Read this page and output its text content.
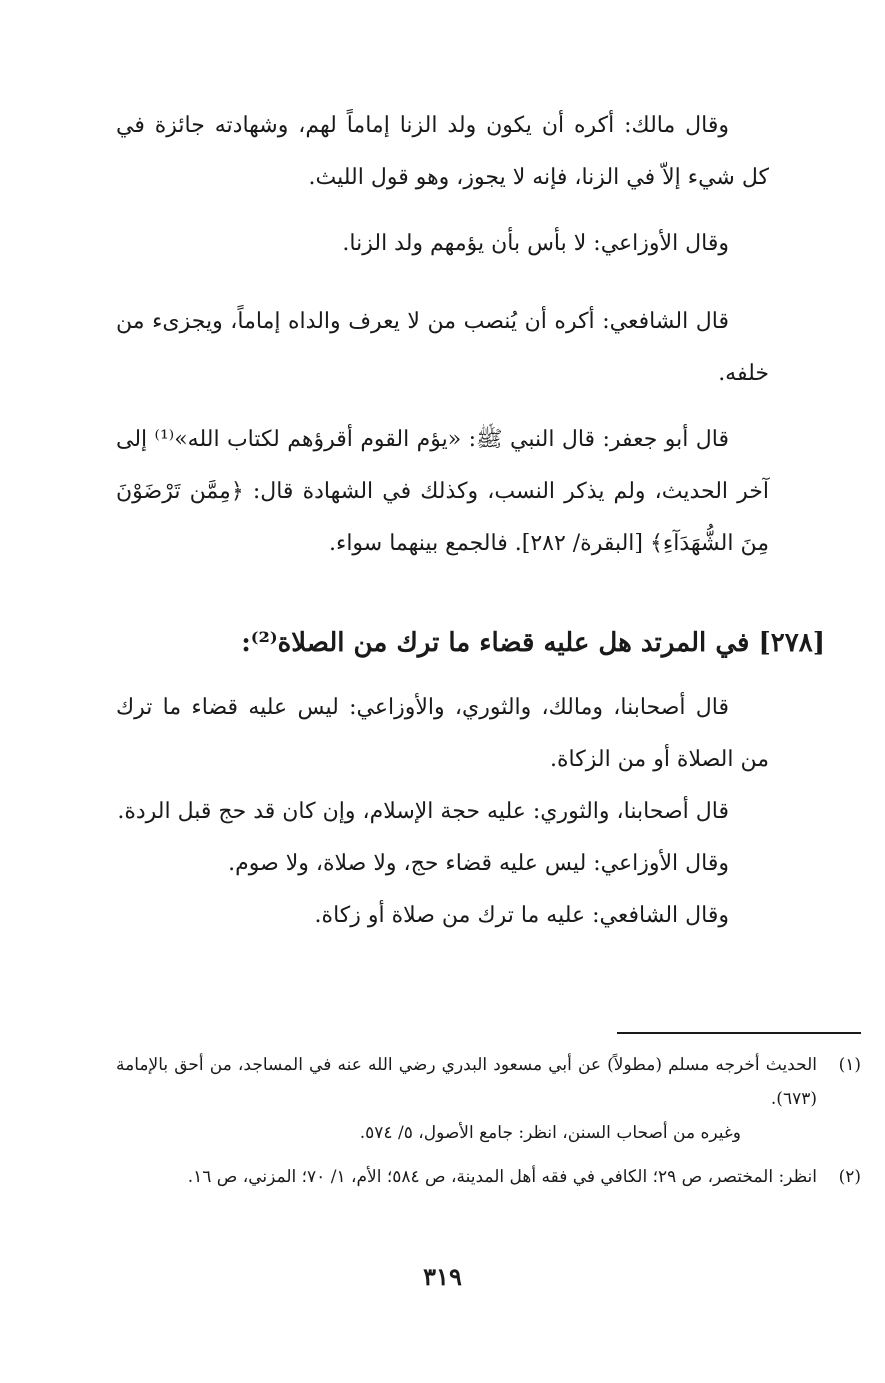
وقال مالك: أكره أن يكون ولد الزنا إماماً لهم، وشهادته جائزة في كل شيء إلاّ في الزنا، فإنه لا يجوز، وهو قول الليث.
وقال الأوزاعي: لا بأس بأن يؤمهم ولد الزنا.
قال الشافعي: أكره أن يُنصب من لا يعرف والداه إماماً، ويجزىء من خلفه.
قال أبو جعفر: قال النبي ﷺ: «يؤم القوم أقرؤهم لكتاب الله»⁽¹⁾ إلى آخر الحديث، ولم يذكر النسب، وكذلك في الشهادة قال: ﴿مِمَّن تَرْضَوْنَ مِنَ الشُّهَدَآءِ﴾ [البقرة/ ٢٨٢]. فالجمع بينهما سواء.
[٢٧٨] في المرتد هل عليه قضاء ما ترك من الصلاة⁽²⁾:
قال أصحابنا، ومالك، والثوري، والأوزاعي: ليس عليه قضاء ما ترك من الصلاة أو من الزكاة.
قال أصحابنا، والثوري: عليه حجة الإسلام، وإن كان قد حج قبل الردة.
وقال الأوزاعي: ليس عليه قضاء حج، ولا صلاة، ولا صوم.
وقال الشافعي: عليه ما ترك من صلاة أو زكاة.
(١)
الحديث أخرجه مسلم (مطولاً) عن أبي مسعود البدري رضي الله عنه في المساجد، من أحق بالإمامة (٦٧٣).
وغيره من أصحاب السنن، انظر: جامع الأصول، ٥/ ٥٧٤.
(٢)
انظر: المختصر، ص ٢٩؛ الكافي في فقه أهل المدينة، ص ٥٨٤؛ الأم، ١/ ٧٠؛ المزني، ص ١٦.
٣١٩
